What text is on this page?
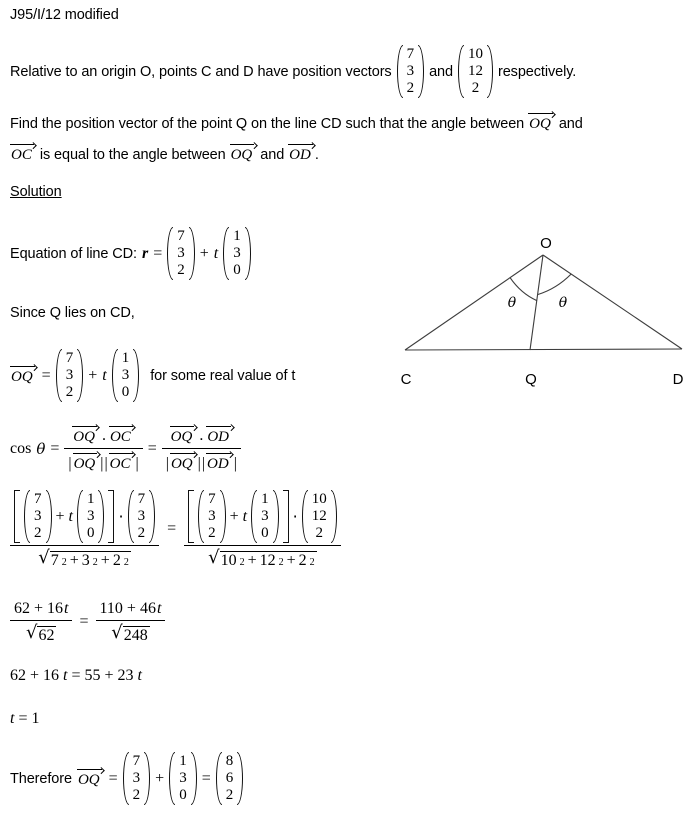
J95/I/12 modified
Relative to an origin O, points C and D have position vectors
7
3
2
and
10
12
2
respectively.
Find the position vector of the point Q on the line CD such that the angle between OQ and
OC is equal to the angle between OQ and OD .
Solution
Equation of line CD: r =
7
3
2
+ t
1
3
0
Since Q lies on CD,
OQ =
7
3
2
+ t
1
3
0
for some real value of t
$\cos \theta = \frac{OQ . OC}{| OQ | | OC |} = \frac{OQ . OD}{| OQ | | OD |}$
7
3
2
+ t
1
3
0
⋅
7
3
2
√ 7 2 + 3 2 + 2 2
=
7
3
2
+ t
1
3
0
⋅
10
12
2
√ 10 2 + 12 2 + 2 2
$\frac{62 + 16 t}{√ 62} = \frac{110 + 46 t}{√ 248}$
62 + 16 t = 55 + 23 t
t = 1
Therefore OQ =
7
3
2
+
1
3
0
=
8
6
2
O
C	Q	D
θ	θ
